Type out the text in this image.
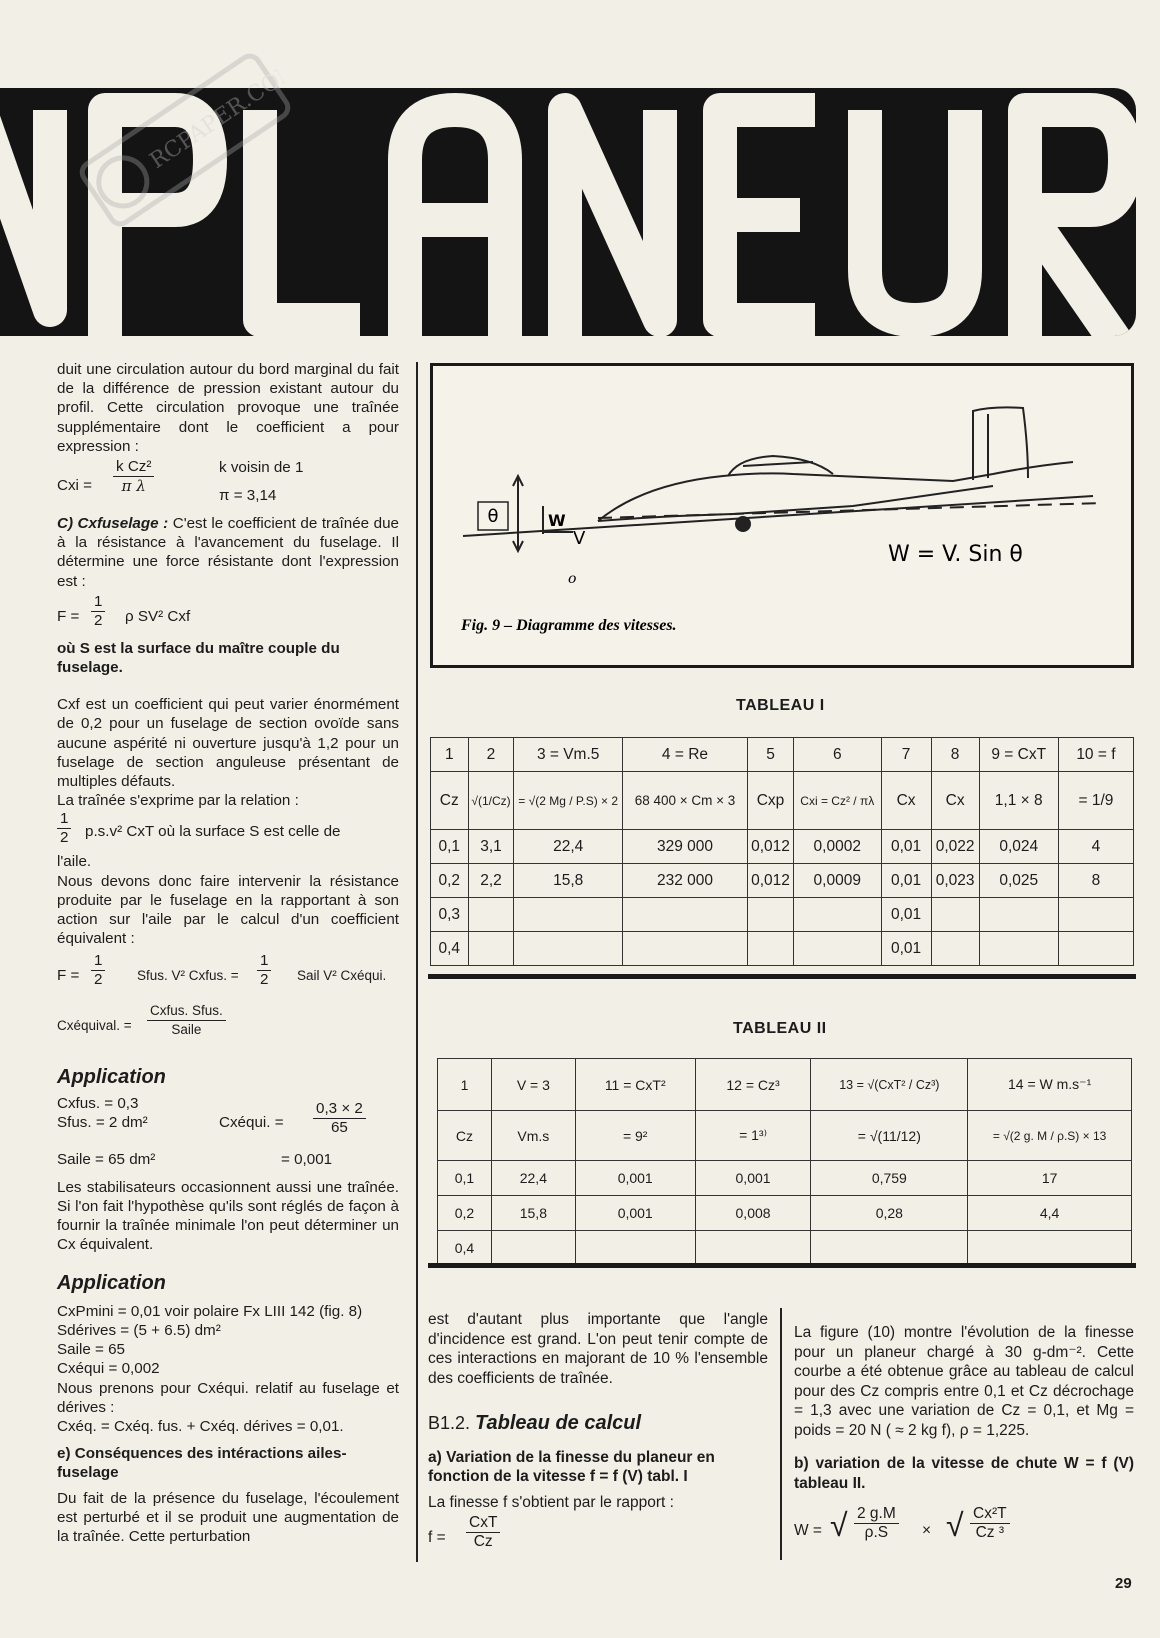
RCPAPER.COM

duit une circulation autour du bord marginal du fait de la différence de pression existant autour du profil. Cette circulation provoque une traînée supplémentaire dont le coefficient a pour expression :

Cxi = $\frac{\text{k Cz²}}{\text{π λ}}$	k voisin de 1
π = 3,14

C) Cxfuselage : C'est le coefficient de traînée due à la résistance à l'avancement du fuselage. Il détermine une force résistante dont l'expression est :

$F = \frac{1}{2}$ ρ SV² Cxf

où S est la surface du maître couple du fuselage.

Cxf est un coefficient qui peut varier énormément de 0,2 pour un fuselage de section ovoïde sans aucune aspérité ni ouverture jusqu'à 1,2 pour un fuselage de section anguleuse présentant de multiples défauts.

La traînée s'exprime par la relation :

$\frac{1}{2} p.s.v^2$ CxT où la surface S est celle de

l'aile.

Nous devons donc faire intervenir la résistance produite par le fuselage en la rapportant à son action sur l'aile par le calcul d'un coefficient équivalent :

$F = \frac{1}{2}$ Sfus. V² Cxfus. = $\frac{1}{2}$ Sail V² Cxéqui.
Cxéquival. =
Cxfus. Sfus.
Saile

Application

Cxfus. = 0,3
Sfus. = 2 dm²	Cxéqui. = $\frac{0,3 \times 2}{65}$
Saile = 65 dm²	= 0,001

Les stabilisateurs occasionnent aussi une traînée. Si l'on fait l'hypothèse qu'ils sont réglés de façon à fournir la traînée minimale l'on peut déterminer un Cx équivalent.

Application

CxPmini = 0,01 voir polaire Fx LIII 142 (fig. 8)

Sdérives = (5 + 6.5) dm²

Saile = 65

Cxéqui = 0,002

Nous prenons pour Cxéqui. relatif au fuselage et dérives :

Cxéq. = Cxéq. fus. + Cxéq. dérives = 0,01.

e) Conséquences des intéractions ailes-fuselage

Du fait de la présence du fuselage, l'écoulement est perturbé et il se produit une augmentation de la traînée. Cette perturbation

θ	W
V
o
W = V. Sin θ
Fig. 9 – Diagramme des vitesses.
TABLEAU I
1	2	3 = Vm.5	4 = Re	5	6	7	8	9 = CxT	10 = f
Cz	√(1/Cz)	= √(2 Mg / P.S) × 2	68 400 × Cm × 3	Cxp	Cxi = Cz² / πλ	Cx	Cx	1,1 × 8	= 1/9
0,1	3,1	22,4	329 000	0,012	0,0002	0,01	0,022	0,024	4
0,2	2,2	15,8	232 000	0,012	0,0009	0,01	0,023	0,025	8
0,3						0,01			
0,4						0,01			
TABLEAU II
1	V = 3	11 = CxT²	12 = Cz³	13 = √(CxT² / Cz³)	14 = W m.s⁻¹
Cz	Vm.s	= 9²	= 1³⁾	= √(11/12)	= √(2 g. M / ρ.S) × 13
0,1	22,4	0,001	0,001	0,759	17
0,2	15,8	0,001	0,008	0,28	4,4
0,4					

est d'autant plus importante que l'angle d'incidence est grand. L'on peut tenir compte de ces interactions en majorant de 10 % l'ensemble des coefficients de traînée.

B1.2. Tableau de calcul

a) Variation de la finesse du planeur en fonction de la vitesse f = f (V) tabl. I

La finesse f s'obtient par le rapport :

f =
CxT
Cz

La figure (10) montre l'évolution de la finesse pour un planeur chargé à 30 g-dm⁻². Cette courbe a été obtenue grâce au tableau de calcul pour des Cz compris entre 0,1 et Cz décrochage = 1,3 avec une variation de Cz = 0,1, et Mg = poids = 20 N ( ≈ 2 kg f), ρ = 1,225.

b) variation de la vitesse de chute W = f (V) tableau II.

W = √ $\frac{2 g.M}{\rho.S}$ × √ $\frac{\text{Cx²T}}{\text{Cz ³}}$
29
